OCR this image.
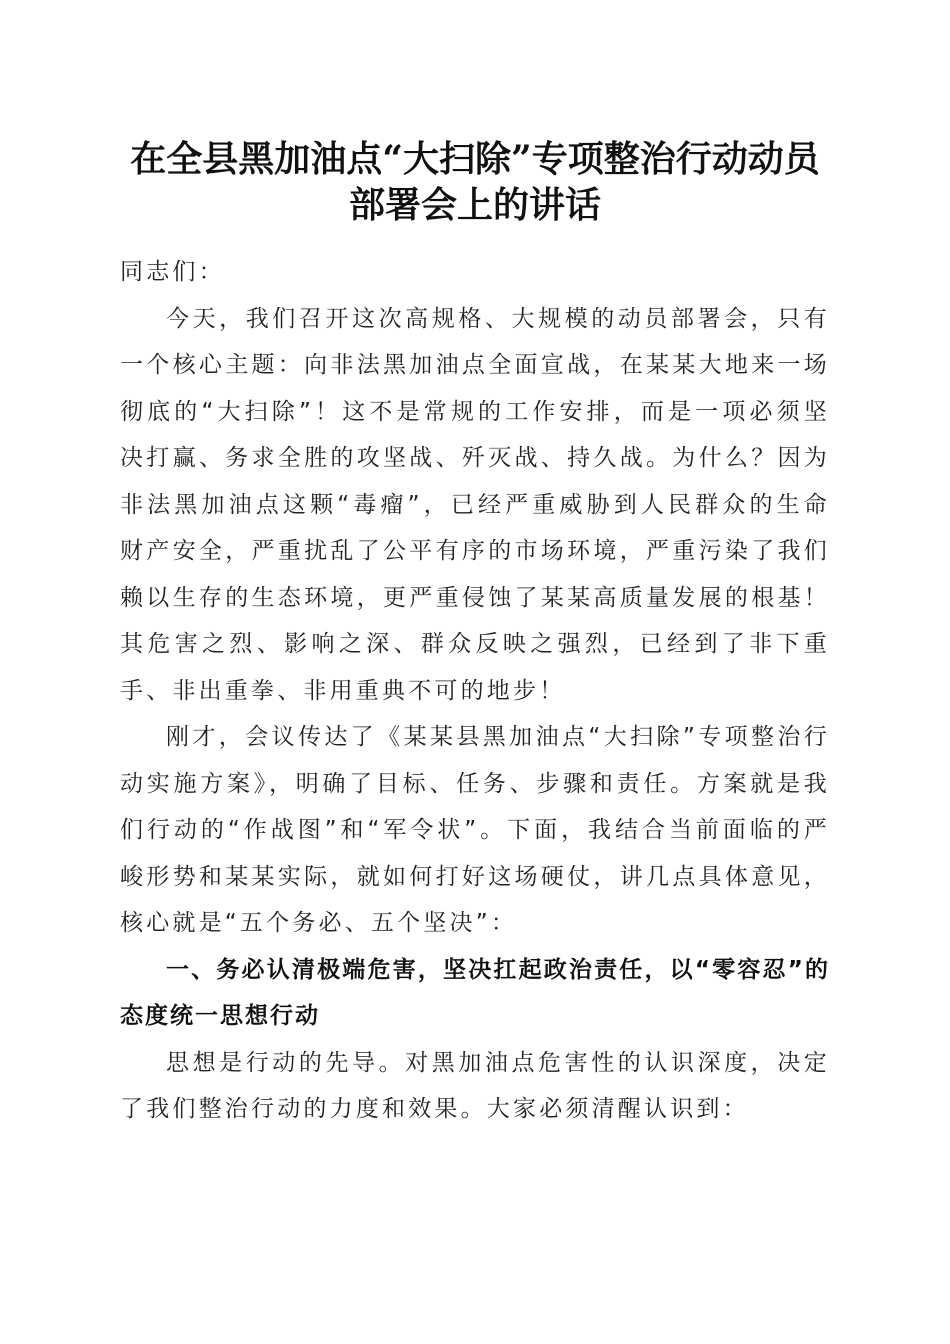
在全县黑加油点“大扫除”专项整治行动动员
部署会上的讲话

同志们：

今天，我们召开这次高规格、大规模的动员部署会，只有一个核心主题：向非法黑加油点全面宣战，在某某大地来一场彻底的“大扫除”！这不是常规的工作安排，而是一项必须坚决打赢、务求全胜的攻坚战、歼灭战、持久战。为什么？因为非法黑加油点这颗“毒瘤”，已经严重威胁到人民群众的生命财产安全，严重扰乱了公平有序的市场环境，严重污染了我们赖以生存的生态环境，更严重侵蚀了某某高质量发展的根基！其危害之烈、影响之深、群众反映之强烈，已经到了非下重手、非出重拳、非用重典不可的地步！

刚才，会议传达了《某某县黑加油点“大扫除”专项整治行动实施方案》，明确了目标、任务、步骤和责任。方案就是我们行动的“作战图”和“军令状”。下面，我结合当前面临的严峻形势和某某实际，就如何打好这场硬仗，讲几点具体意见，核心就是“五个务必、五个坚决”：

一、务必认清极端危害，坚决扛起政治责任，以“零容忍”的态度统一思想行动

思想是行动的先导。对黑加油点危害性的认识深度，决定了我们整治行动的力度和效果。大家必须清醒认识到：
